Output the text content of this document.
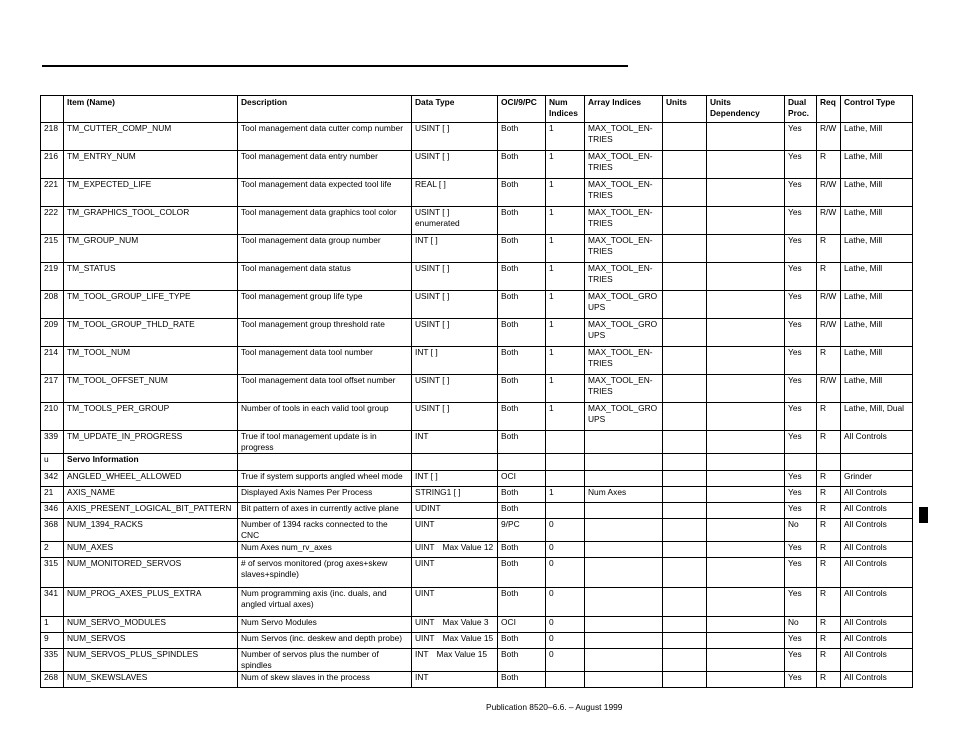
	Item (Name)	Description	Data Type	OCI/9/PC	Num Indices	Array Indices	Units	Units Dependency	Dual Proc.	Req	Control Type
218	TM_CUTTER_COMP_NUM	Tool management data cutter comp number	USINT [ ]	Both	1	MAX_TOOL_EN-TRIES			Yes	R/W	Lathe, Mill
216	TM_ENTRY_NUM	Tool management data entry number	USINT [ ]	Both	1	MAX_TOOL_EN-TRIES			Yes	R	Lathe, Mill
221	TM_EXPECTED_LIFE	Tool management data expected tool life	REAL [ ]	Both	1	MAX_TOOL_EN-TRIES			Yes	R/W	Lathe, Mill
222	TM_GRAPHICS_TOOL_COLOR	Tool management data graphics tool color	USINT [ ] enumerated	Both	1	MAX_TOOL_EN-TRIES			Yes	R/W	Lathe, Mill
215	TM_GROUP_NUM	Tool management data group number	INT [ ]	Both	1	MAX_TOOL_EN-TRIES			Yes	R	Lathe, Mill
219	TM_STATUS	Tool management data status	USINT [ ]	Both	1	MAX_TOOL_EN-TRIES			Yes	R	Lathe, Mill
208	TM_TOOL_GROUP_LIFE_TYPE	Tool management group life type	USINT [ ]	Both	1	MAX_TOOL_GRO UPS			Yes	R/W	Lathe, Mill
209	TM_TOOL_GROUP_THLD_RATE	Tool management group threshold rate	USINT [ ]	Both	1	MAX_TOOL_GRO UPS			Yes	R/W	Lathe, Mill
214	TM_TOOL_NUM	Tool management data tool number	INT [ ]	Both	1	MAX_TOOL_EN-TRIES			Yes	R	Lathe, Mill
217	TM_TOOL_OFFSET_NUM	Tool management data tool offset number	USINT [ ]	Both	1	MAX_TOOL_EN-TRIES			Yes	R/W	Lathe, Mill
210	TM_TOOLS_PER_GROUP	Number of tools in each valid tool group	USINT [ ]	Both	1	MAX_TOOL_GRO UPS			Yes	R	Lathe, Mill, Dual
339	TM_UPDATE_IN_PROGRESS	True if tool management update is in progress	INT	Both					Yes	R	All Controls
u	Servo Information										
342	ANGLED_WHEEL_ALLOWED	True if system supports angled wheel mode	INT [ ]	OCI					Yes	R	Grinder
21	AXIS_NAME	Displayed Axis Names Per Process	STRING1 [ ]	Both	1	Num Axes			Yes	R	All Controls
346	AXIS_PRESENT_LOGICAL_BIT_PATTERN	Bit pattern of axes in currently active plane	UDINT	Both					Yes	R	All Controls
368	NUM_1394_RACKS	Number of 1394 racks connected to the CNC	UINT	9/PC	0				No	R	All Controls
2	NUM_AXES	Num Axes num_rv_axes	UINT Max Value 12	Both	0				Yes	R	All Controls
315	NUM_MONITORED_SERVOS	# of servos monitored (prog axes+skew slaves+spindle)	UINT	Both	0				Yes	R	All Controls
341	NUM_PROG_AXES_PLUS_EXTRA	Num programming axis (inc. duals, and angled virtual axes)	UINT	Both	0				Yes	R	All Controls
1	NUM_SERVO_MODULES	Num Servo Modules	UINT Max Value 3	OCI	0				No	R	All Controls
9	NUM_SERVOS	Num Servos (inc. deskew and depth probe)	UINT Max Value 15	Both	0				Yes	R	All Controls
335	NUM_SERVOS_PLUS_SPINDLES	Number of servos plus the number of spindles	INT Max Value 15	Both	0				Yes	R	All Controls
268	NUM_SKEWSLAVES	Num of skew slaves in the process	INT	Both					Yes	R	All Controls
Publication 8520–6.6. – August 1999
